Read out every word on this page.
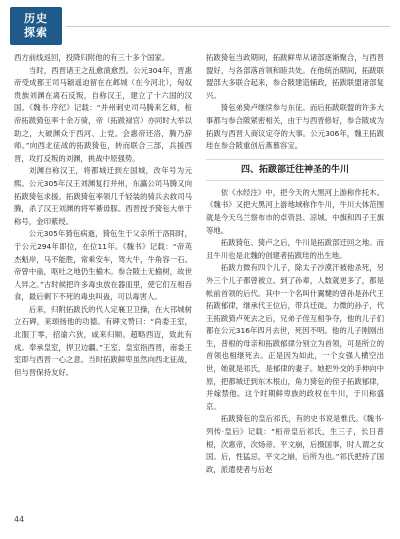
历史
探索

西方前线返回，投降归附他的有三十多个国家。

当时，西晋诸王之乱愈演愈烈。公元304年，晋惠帝受成都王司马颖遥迫留在在邺城（在今河北），匈奴贵族刘渊在离石反叛，自称汉王，建立了十六国的汉国。《魏书·序纪》记载：“并州刺史司马腾来乞师，桓帝拓跋猗㐌率十余万骑，帝（拓跋禄官）亦同时大举以助之，大破渊众于西河、上党。会惠帝还洛，腾乃辞师。”向西北征战的拓跋猗㐌，转而联合三部，兵援西晋，攻打反叛的刘渊，挑战中原强势。

刘渊自称汉王，将都城迁到左国城，改年号为元熙。公元305年汉王刘渊复打并州，东瀛公司马腾又向拓跋猗㐌求援。拓跋猗㐌率领几千轻装的骑兵去救司马腾，杀了汉王刘渊的将军綦毋豚。西晋授予猗㐌大单于称号，金印紫绶。

公元305年猗㐌病逝，猗㐌生于父亲所于洛阳时，于公元294年即位，在位11年。《魏书》记载：“帝英杰魁岸，马不能胜，常乘安车，驾大牛，牛角容一石。帝曾中蛊，呕吐之地仍生榆木。参合陂土无榆树，故世人异之。”古时候把许多毒虫放在器皿里，使它们互相吞食，最后剩下不死的毒虫叫蛊，可以毒害人。

后来，归附拓跋氏的代人定襄卫卫操，在大邗城树立石碑，来颂扬他的功德。有碑文赞曰：“尚委王室，北服丁零，招谕六狄，咸来归顺。超略西迈，致此有成。奉承皇室，捍卫边疆。”王室、皇室指西晋，南委王室即与西晋一心之意。当时拓跋鲜卑虽然向西北征战，但与晋保持友好。

拓跋猗㐌当政期间，拓跋鲜卑从诸部逐渐聚合，与西晋盟好，与各部落首领和睦共处。在他统治期间，拓跋联盟部大多联合起来，参合陂建造辅政，拓跋联盟诸部复兴。

猗㐌弟猗卢继续参与东征。而后拓跋联盟的许多大事都与参合陂紧密相关，由于与西晋修好，参合陂成为拓跋与西晋人商议定夺的大事。公元306年，魏王拓跋珪在参合陂重创后燕慕容宝。

四、拓跋部迁往神圣的牛川

依《水经注》中，把今天的大黑河上游称作托木。《魏书》又把大黑河上游地域称作牛川，牛川大体范围就是今天乌兰察布市的卓资县、凉城、中旗和四子王旗等地。

拓跋猗㐌、猗卢之后，牛川是拓跋部迁回之地。而且牛川也是北魏的创建者拓跋珪的出生地。

拓跋力微有四个儿子，除太子沙漠汗被他杀死，另外三个儿子都曾被立。到了孙辈，人数就更多了，都是帐前首领的后代。其中一个名叫什翼犍的曾孙是孙代王拓跋郁律，继承代王位后，带兵迁徙。力微的孙子，代王拓跋猗卢死去之后，兄弟子侄互相争夺，他的儿子们都在公元316年四月去世，死因不明。他的儿子刚刚出生，普根的母亲和拓跋郁律分别立为首领，可是所立的首领也相继死去。正是因为如此，一个女强人横空出世，她就是祁氏，是郁律的妻子。她把外交的手伸向中原，把都城迁到东木根山，角力猗㐌的侄子拓跋郁律，并嫁禁他。这个时期鲜卑族的政权在牛川，于川称盛京。

拓跋猗㐌的皇后祁氏，有的史书说是惟氏。《魏书·列传·皇后》记载：“桓帝皇后祁氏，生三子，长日普根，次惠帝，次炀帝。平文崩，后摄国事，时人谓之女国。后，性猛忌，平文之崩，后所为也。”祁氏把持了国政，派遣使者与后赵

44
